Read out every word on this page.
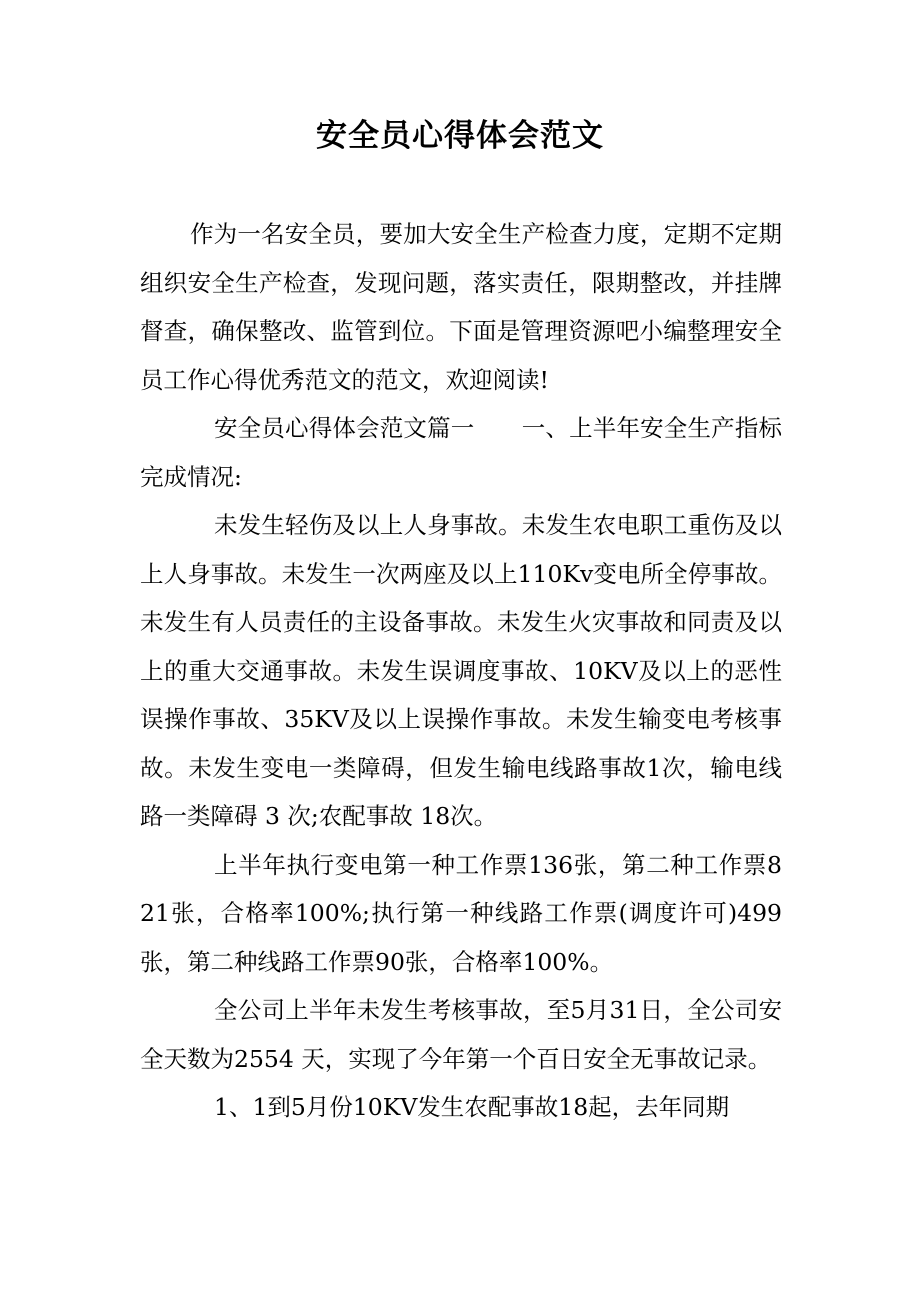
安全员心得体会范文

作为一名安全员，要加大安全生产检查力度，定期不定期组织安全生产检查，发现问题，落实责任，限期整改，并挂牌督查，确保整改、监管到位。下面是管理资源吧小编整理安全员工作心得优秀范文的范文，欢迎阅读!

安全员心得体会范文篇一　　一、上半年安全生产指标完成情况:

未发生轻伤及以上人身事故。未发生农电职工重伤及以上人身事故。未发生一次两座及以上110Kv变电所全停事故。未发生有人员责任的主设备事故。未发生火灾事故和同责及以上的重大交通事故。未发生误调度事故、10KV及以上的恶性误操作事故、35KV及以上误操作事故。未发生输变电考核事故。未发生变电一类障碍，但发生输电线路事故1次，输电线路一类障碍 3 次;农配事故 18次。

上半年执行变电第一种工作票136张，第二种工作票821张，合格率100%;执行第一种线路工作票(调度许可)499张，第二种线路工作票90张，合格率100%。

全公司上半年未发生考核事故，至5月31日，全公司安全天数为2554 天，实现了今年第一个百日安全无事故记录。

1、1到5月份10KV发生农配事故18起，去年同期
